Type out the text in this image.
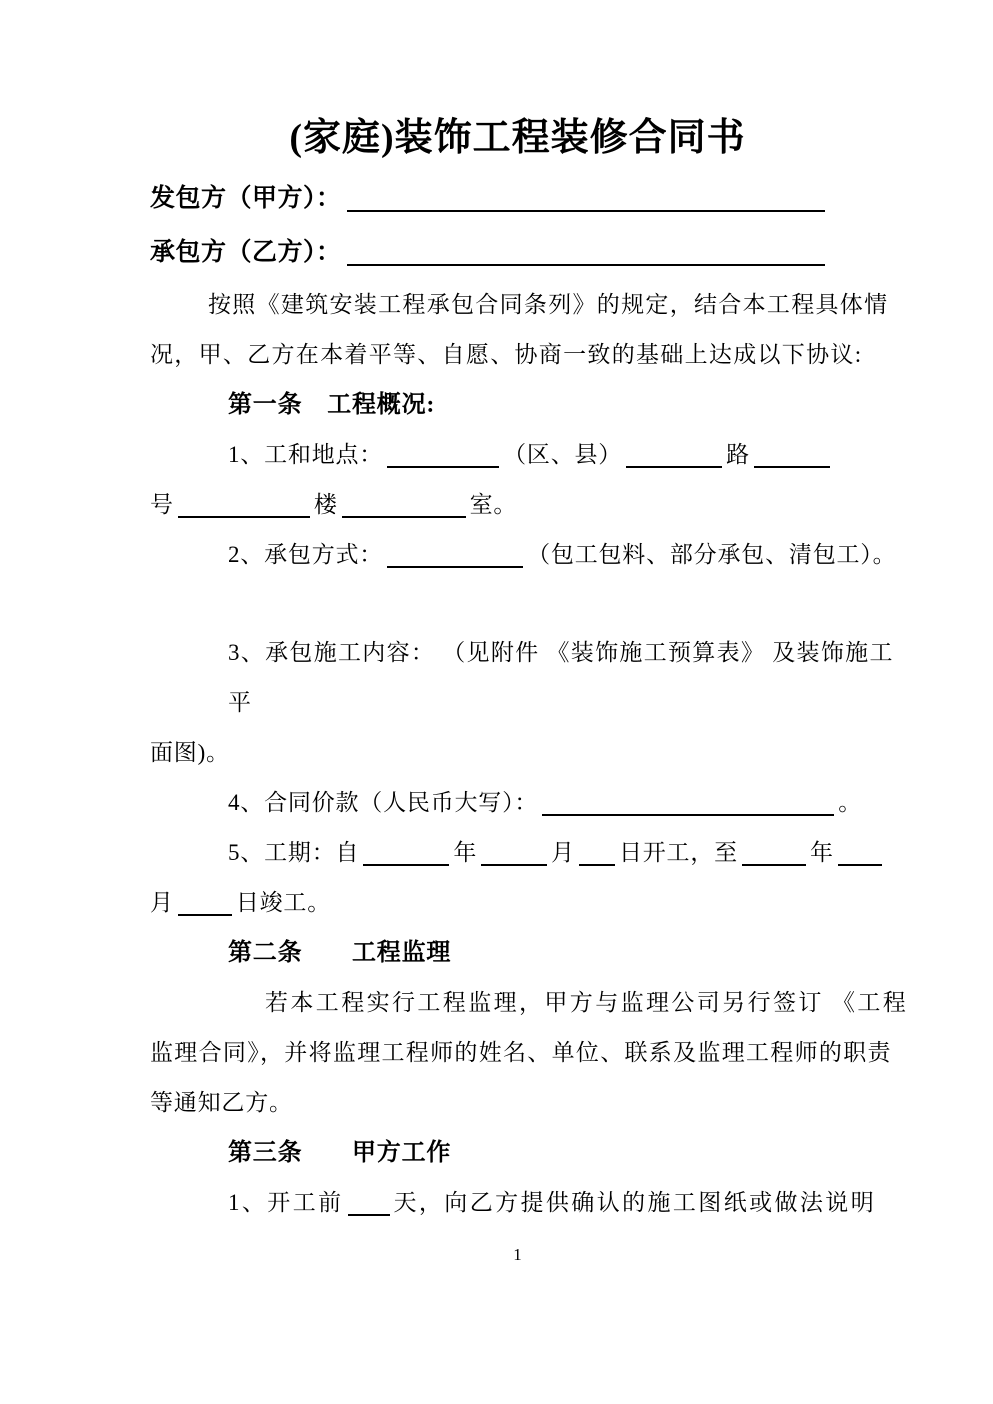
(家庭)装饰工程装修合同书
发包方（甲方）：
承包方（乙方）：
按照《建筑安装工程承包合同条列》的规定，结合本工程具体情
况，甲、乙方在本着平等、自愿、协商一致的基础上达成以下协议:
第一条　工程概况:
1、工和地点：	（区、县）	路
号	楼	室。
2、承包方式：	（包工包料、部分承包、清包工）。
3、承包施工内容： （见附件 《装饰施工预算表》 及装饰施工
平
面图)。
4、合同价款（人民币大写）：	。
5、工期：自	年	月 日开工，至	年
月	日竣工。
第二条　　工程监理
若本工程实行工程监理，甲方与监理公司另行签订 《工程
监理合同》，并将监理工程师的姓名、单位、联系及监理工程师的职责
等通知乙方。
第三条　　甲方工作
1、开工前 天，向乙方提供确认的施工图纸或做法说明
1
